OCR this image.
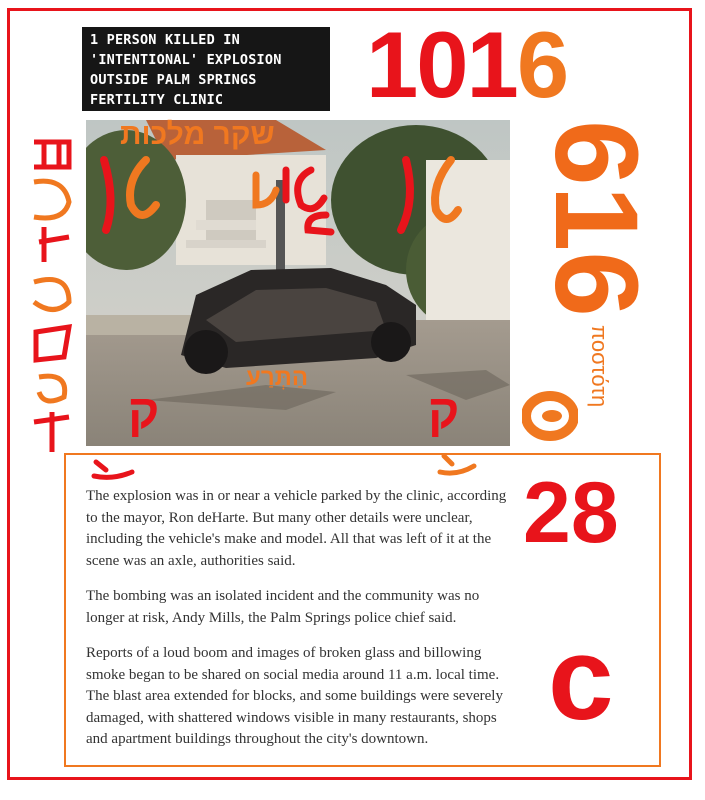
1 PERSON KILLED IN
'INTENTIONAL' EXPLOSION
OUTSIDE PALM SPRINGS
FERTILITY CLINIC	1016
שקר מלכות
הַתְּרַע
ק	ק
616
ποστότη

The explosion was in or near a vehicle parked by the clinic, according to the mayor, Ron deHarte. But many other details were unclear, including the vehicle's make and model. All that was left of it at the scene was an axle, authorities said.

The bombing was an isolated incident and the community was no longer at risk, Andy Mills, the Palm Springs police chief said.

Reports of a loud boom and images of broken glass and billowing smoke began to be shared on social media around 11 a.m. local time. The blast area extended for blocks, and some buildings were severely damaged, with shattered windows visible in many restaurants, shops and apartment buildings throughout the city's downtown.

28
c
